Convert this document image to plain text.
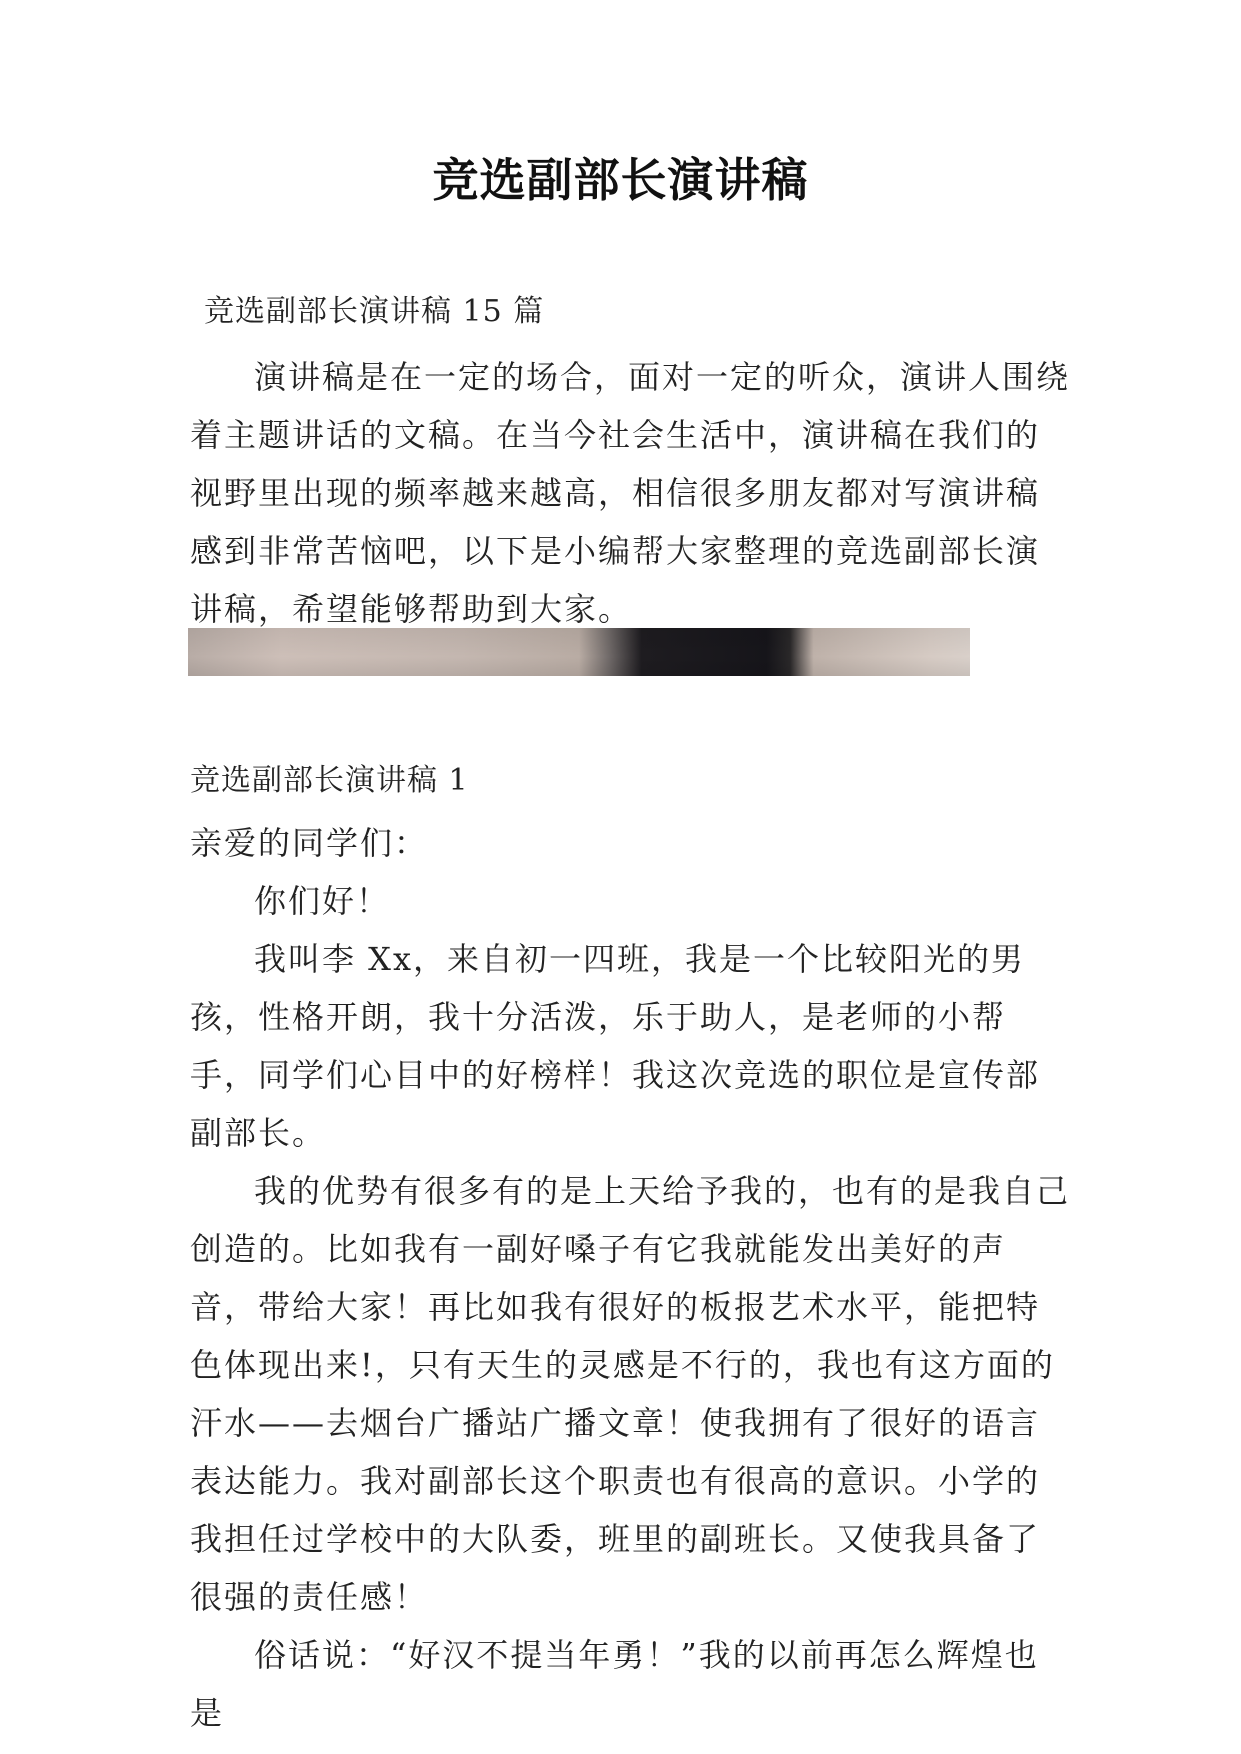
竞选副部长演讲稿

竞选副部长演讲稿 15 篇

演讲稿是在一定的场合，面对一定的听众，演讲人围绕着主题讲话的文稿。在当今社会生活中，演讲稿在我们的视野里出现的频率越来越高，相信很多朋友都对写演讲稿感到非常苦恼吧，以下是小编帮大家整理的竞选副部长演讲稿，希望能够帮助到大家。

竞选副部长演讲稿 1

亲爱的同学们：

你们好！

我叫李 Xx，来自初一四班，我是一个比较阳光的男孩，性格开朗，我十分活泼，乐于助人，是老师的小帮手，同学们心目中的好榜样！我这次竞选的职位是宣传部副部长。

我的优势有很多有的是上天给予我的，也有的是我自己创造的。比如我有一副好嗓子有它我就能发出美好的声音，带给大家！再比如我有很好的板报艺术水平，能把特色体现出来!，只有天生的灵感是不行的，我也有这方面的汗水——去烟台广播站广播文章！使我拥有了很好的语言表达能力。我对副部长这个职责也有很高的意识。小学的我担任过学校中的大队委，班里的副班长。又使我具备了很强的责任感！

俗话说：“好汉不提当年勇！”我的以前再怎么辉煌也是
